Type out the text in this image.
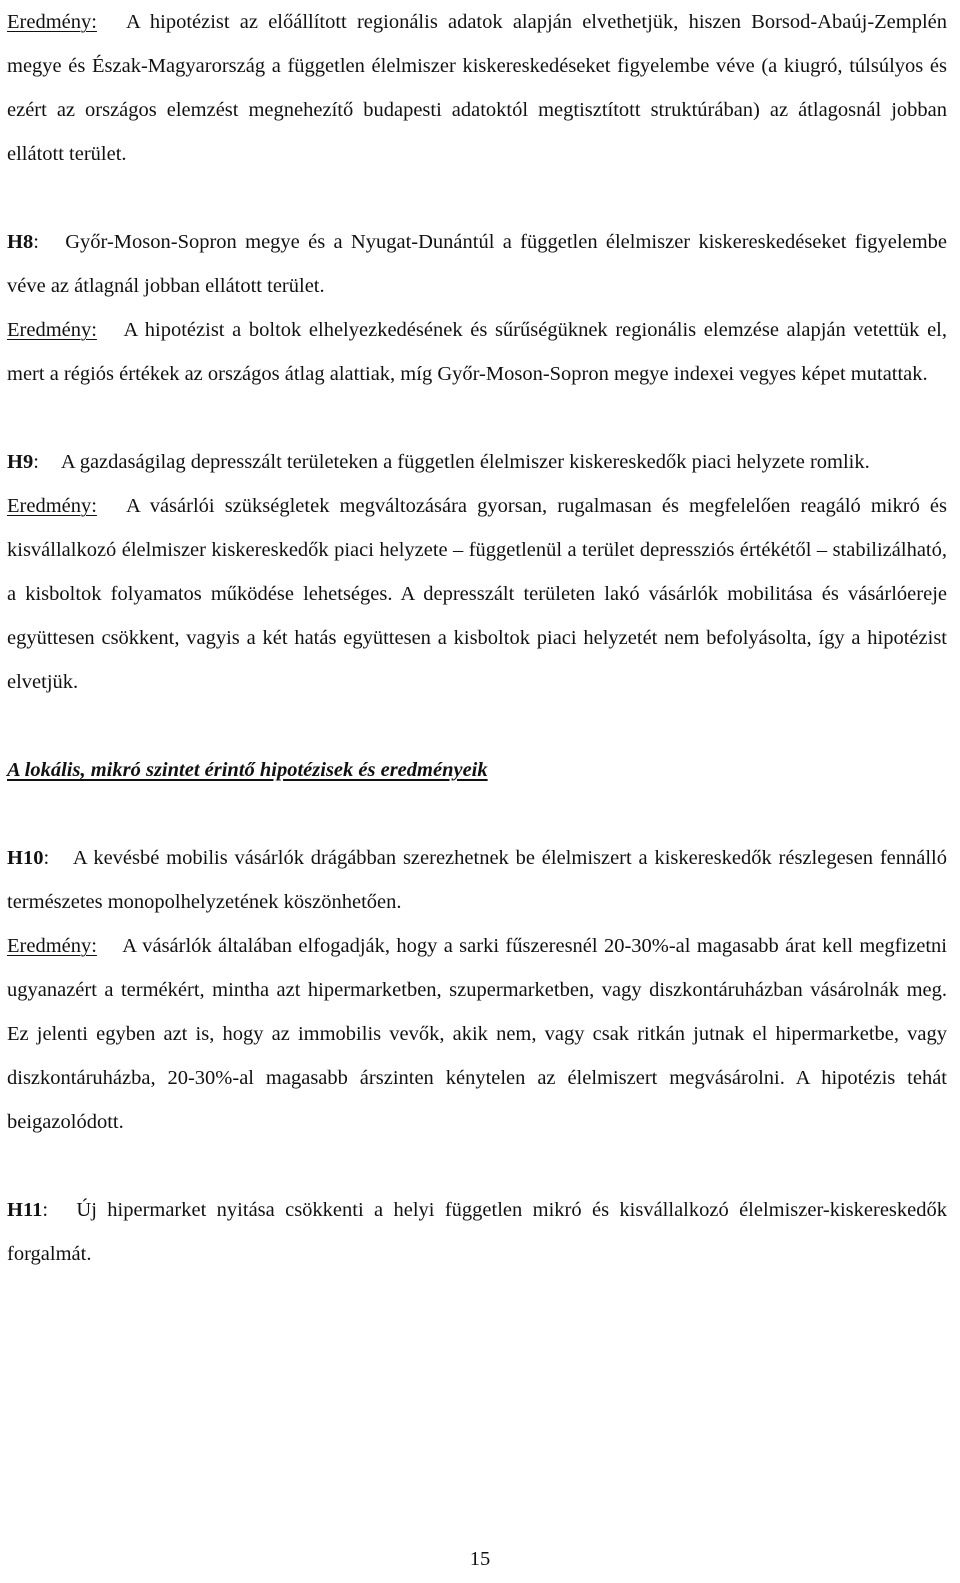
Eredmény: A hipotézist az előállított regionális adatok alapján elvethetjük, hiszen Borsod-Abaúj-Zemplén megye és Észak-Magyarország a független élelmiszer kiskereskedéseket figyelembe véve (a kiugró, túlsúlyos és ezért az országos elemzést megnehezítő budapesti adatoktól megtisztított struktúrában) az átlagosnál jobban ellátott terület.

H8: Győr-Moson-Sopron megye és a Nyugat-Dunántúl a független élelmiszer kiskereskedéseket figyelembe véve az átlagnál jobban ellátott terület.

Eredmény: A hipotézist a boltok elhelyezkedésének és sűrűségüknek regionális elemzése alapján vetettük el, mert a régiós értékek az országos átlag alattiak, míg Győr-Moson-Sopron megye indexei vegyes képet mutattak.

H9: A gazdaságilag depresszált területeken a független élelmiszer kiskereskedők piaci helyzete romlik.

Eredmény: A vásárlói szükségletek megváltozására gyorsan, rugalmasan és megfelelően reagáló mikró és kisvállalkozó élelmiszer kiskereskedők piaci helyzete – függetlenül a terület depressziós értékétől – stabilizálható, a kisboltok folyamatos működése lehetséges. A depresszált területen lakó vásárlók mobilitása és vásárlóereje együttesen csökkent, vagyis a két hatás együttesen a kisboltok piaci helyzetét nem befolyásolta, így a hipotézist elvetjük.

A lokális, mikró szintet érintő hipotézisek és eredményeik

H10: A kevésbé mobilis vásárlók drágábban szerezhetnek be élelmiszert a kiskereskedők részlegesen fennálló természetes monopolhelyzetének köszönhetően.

Eredmény: A vásárlók általában elfogadják, hogy a sarki fűszeresnél 20-30%-al magasabb árat kell megfizetni ugyanazért a termékért, mintha azt hipermarketben, szupermarketben, vagy diszkontáruházban vásárolnák meg. Ez jelenti egyben azt is, hogy az immobilis vevők, akik nem, vagy csak ritkán jutnak el hipermarketbe, vagy diszkontáruházba, 20-30%-al magasabb árszinten kénytelen az élelmiszert megvásárolni. A hipotézis tehát beigazolódott.

H11: Új hipermarket nyitása csökkenti a helyi független mikró és kisvállalkozó élelmiszer-kiskereskedők forgalmát.

15
